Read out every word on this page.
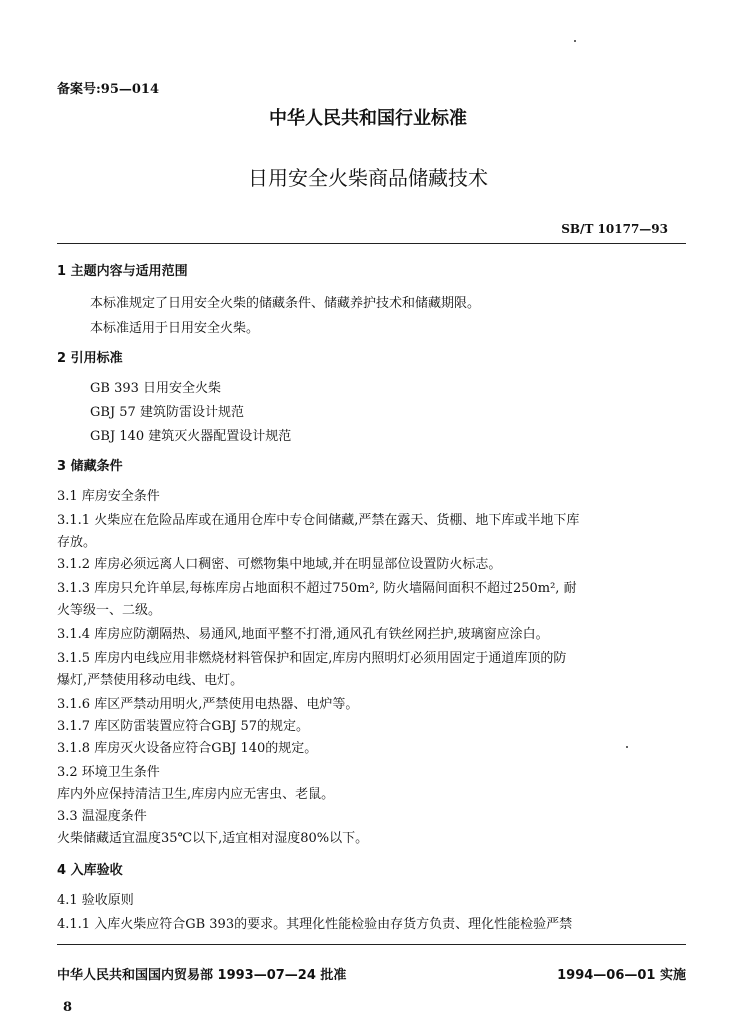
备案号:95—014
中华人民共和国行业标准
日用安全火柴商品储藏技术
SB/T 10177—93
1 主题内容与适用范围
本标准规定了日用安全火柴的储藏条件、储藏养护技术和储藏期限。
本标准适用于日用安全火柴。
2 引用标准
GB 393 日用安全火柴
GBJ 57 建筑防雷设计规范
GBJ 140 建筑灭火器配置设计规范
3 储藏条件
3.1 库房安全条件
3.1.1 火柴应在危险品库或在通用仓库中专仓间储藏,严禁在露天、货棚、地下库或半地下库
存放。
3.1.2 库房必须远离人口稠密、可燃物集中地域,并在明显部位设置防火标志。
3.1.3 库房只允许单层,每栋库房占地面积不超过750m², 防火墙隔间面积不超过250m², 耐
火等级一、二级。
3.1.4 库房应防潮隔热、易通风,地面平整不打滑,通风孔有铁丝网拦护,玻璃窗应涂白。
3.1.5 库房内电线应用非燃烧材料管保护和固定,库房内照明灯必须用固定于通道库顶的防
爆灯,严禁使用移动电线、电灯。
3.1.6 库区严禁动用明火,严禁使用电热器、电炉等。
3.1.7 库区防雷装置应符合GBJ 57的规定。
3.1.8 库房灭火设备应符合GBJ 140的规定。
3.2 环境卫生条件
库内外应保持清洁卫生,库房内应无害虫、老鼠。
3.3 温湿度条件
火柴储藏适宜温度35℃以下,适宜相对湿度80%以下。
4 入库验收
4.1 验收原则
4.1.1 入库火柴应符合GB 393的要求。其理化性能检验由存货方负责、理化性能检验严禁
中华人民共和国国内贸易部 1993—07—24 批准	1994—06—01 实施
8
